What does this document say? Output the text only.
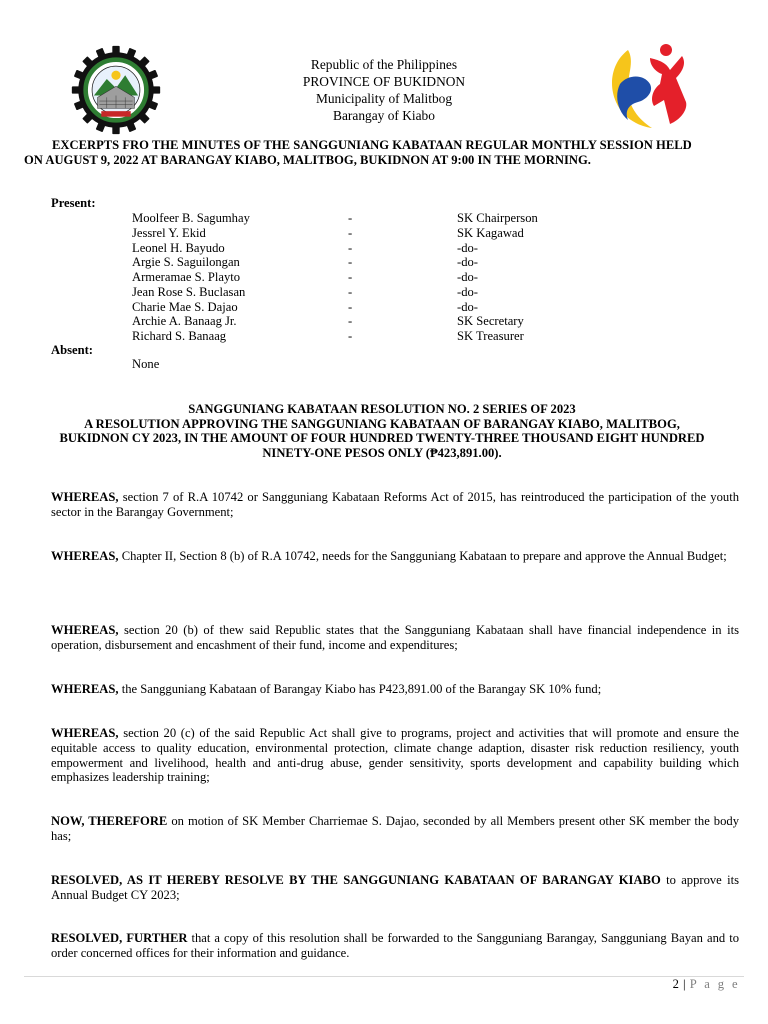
Republic of the Philippines
PROVINCE OF BUKIDNON
Municipality of Malitbog
Barangay of Kiabo
EXCERPTS FRO THE MINUTES OF THE SANGGUNIANG KABATAAN REGULAR MONTHLY SESSION HELD
ON AUGUST 9, 2022 AT BARANGAY KIABO, MALITBOG, BUKIDNON AT 9:00 IN THE MORNING.
Present:
Moolfeer B. Sagumhay	-	SK Chairperson
Jessrel Y. Ekid	-	SK Kagawad
Leonel H. Bayudo	-	-do-
Argie S. Saguilongan	-	-do-
Armeramae S. Playto	-	-do-
Jean Rose S. Buclasan	-	-do-
Charie Mae S. Dajao	-	-do-
Archie A. Banaag Jr.	-	SK Secretary
Richard S. Banaag	-	SK Treasurer
Absent:
None
SANGGUNIANG KABATAAN RESOLUTION NO. 2 SERIES OF 2023
A RESOLUTION APPROVING THE SANGGUNIANG KABATAAN OF BARANGAY KIABO, MALITBOG,
BUKIDNON CY 2023, IN THE AMOUNT OF FOUR HUNDRED TWENTY-THREE THOUSAND EIGHT HUNDRED
NINETY-ONE PESOS ONLY (₱423,891.00).
WHEREAS, section 7 of R.A 10742 or Sangguniang Kabataan Reforms Act of 2015, has reintroduced the participation of the youth sector in the Barangay Government;
WHEREAS, Chapter II, Section 8 (b) of R.A 10742, needs for the Sangguniang Kabataan to prepare and approve the Annual Budget;
WHEREAS, section 20 (b) of thew said Republic states that the Sangguniang Kabataan shall have financial independence in its operation, disbursement and encashment of their fund, income and expenditures;
WHEREAS, the Sangguniang Kabataan of Barangay Kiabo has P423,891.00 of the Barangay SK 10% fund;
WHEREAS, section 20 (c) of the said Republic Act shall give to programs, project and activities that will promote and ensure the equitable access to quality education, environmental protection, climate change adaption, disaster risk reduction resiliency, youth empowerment and livelihood, health and anti-drug abuse, gender sensitivity, sports development and capability building which emphasizes leadership training;
NOW, THEREFORE on motion of SK Member Charriemae S. Dajao, seconded by all Members present other SK member the body has;
RESOLVED, AS IT HEREBY RESOLVE BY THE SANGGUNIANG KABATAAN OF BARANGAY KIABO to approve its Annual Budget CY 2023;
RESOLVED, FURTHER that a copy of this resolution shall be forwarded to the Sangguniang Barangay, Sangguniang Bayan and to order concerned offices for their information and guidance.
2 | P a g e
